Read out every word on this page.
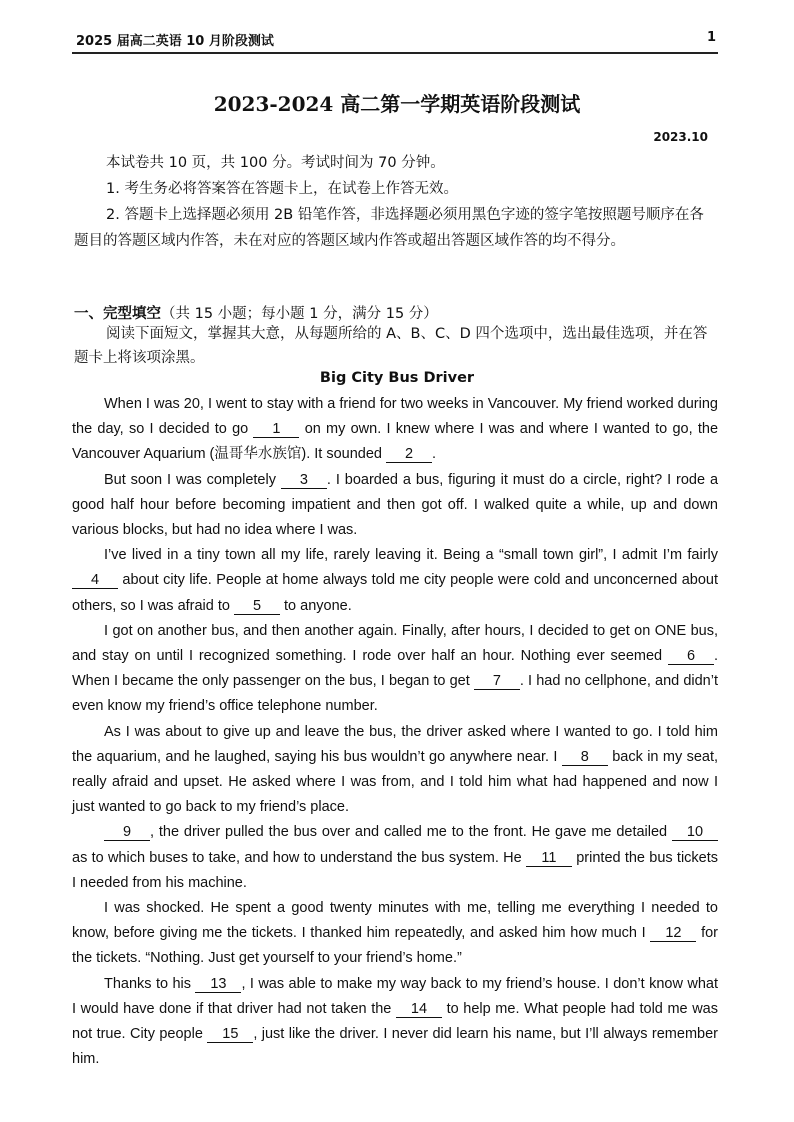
2025 届高二英语 10 月阶段测试	1
2023-2024 高二第一学期英语阶段测试
2023.10
本试卷共 10 页，共 100 分。考试时间为 70 分钟。
1. 考生务必将答案答在答题卡上，在试卷上作答无效。
2. 答题卡上选择题必须用 2B 铅笔作答，非选择题必须用黑色字迹的签字笔按照题号顺序在各题目的答题区域内作答，未在对应的答题区域内作答或超出答题区域作答的均不得分。
一、完型填空（共 15 小题；每小题 1 分，满分 15 分）
阅读下面短文，掌握其大意，从每题所给的 A、B、C、D 四个选项中，选出最佳选项，并在答题卡上将该项涂黑。
Big City Bus Driver

When I was 20, I went to stay with a friend for two weeks in Vancouver. My friend worked during the day, so I decided to go 1 on my own. I knew where I was and where I wanted to go, the Vancouver Aquarium (温哥华水族馆). It sounded 2 .

But soon I was completely 3 . I boarded a bus, figuring it must do a circle, right? I rode a good half hour before becoming impatient and then got off. I walked quite a while, up and down various blocks, but had no idea where I was.

I’ve lived in a tiny town all my life, rarely leaving it. Being a “small town girl”, I admit I’m fairly 4 about city life. People at home always told me city people were cold and unconcerned about others, so I was afraid to 5 to anyone.

I got on another bus, and then another again. Finally, after hours, I decided to get on ONE bus, and stay on until I recognized something. I rode over half an hour. Nothing ever seemed 6 . When I became the only passenger on the bus, I began to get 7 . I had no cellphone, and didn’t even know my friend’s office telephone number.

As I was about to give up and leave the bus, the driver asked where I wanted to go. I told him the aquarium, and he laughed, saying his bus wouldn’t go anywhere near. I 8 back in my seat, really afraid and upset. He asked where I was from, and I told him what had happened and now I just wanted to go back to my friend’s place.

9 , the driver pulled the bus over and called me to the front. He gave me detailed 10 as to which buses to take, and how to understand the bus system. He 11 printed the bus tickets I needed from his machine.

I was shocked. He spent a good twenty minutes with me, telling me everything I needed to know, before giving me the tickets. I thanked him repeatedly, and asked him how much I 12 for the tickets. “Nothing. Just get yourself to your friend’s home.”

Thanks to his 13 , I was able to make my way back to my friend’s house. I don’t know what I would have done if that driver had not taken the 14 to help me. What people had told me was not true. City people 15 , just like the driver. I never did learn his name, but I’ll always remember him.
